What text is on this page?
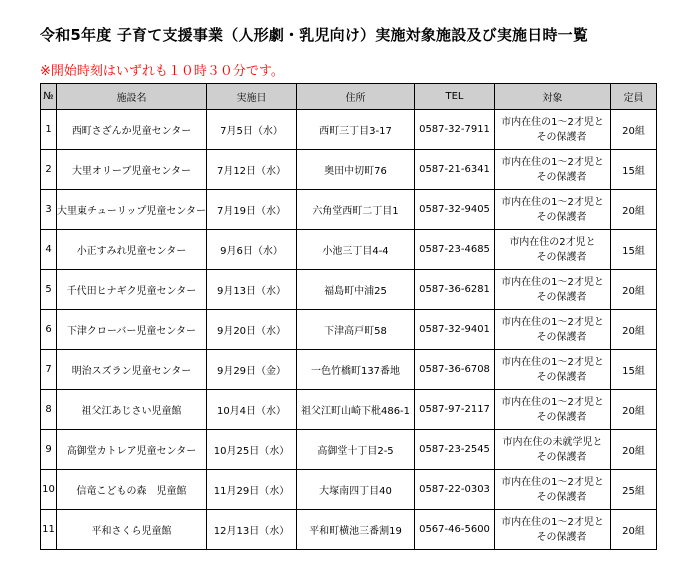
令和5年度 子育て支援事業（人形劇・乳児向け）実施対象施設及び実施日時一覧
※開始時刻はいずれも１０時３０分です。
№	施設名	実施日	住所	TEL	対象	定員
1	西町さざんか児童センター	7月5日（水）	西町三丁目3-17	0587-32-7911	市内在住の1～2才児と
その保護者	20組
2	大里オリーブ児童センター	7月12日（水）	奥田中切町76	0587-21-6341	市内在住の1～2才児と
その保護者	15組
3	大里東チューリップ児童センター	7月19日（水）	六角堂西町二丁目1	0587-32-9405	市内在住の1～2才児と
その保護者	20組
4	小正すみれ児童センター	9月6日（水）	小池三丁目4-4	0587-23-4685	市内在住の2才児と
その保護者	15組
5	千代田ヒナギク児童センター	9月13日（水）	福島町中浦25	0587-36-6281	市内在住の1～2才児と
その保護者	20組
6	下津クローバー児童センター	9月20日（水）	下津高戸町58	0587-32-9401	市内在住の1～2才児と
その保護者	20組
7	明治スズラン児童センター	9月29日（金）	一色竹橋町137番地	0587-36-6708	市内在住の1～2才児と
その保護者	15組
8	祖父江あじさい児童館	10月4日（水）	祖父江町山崎下枇486-1	0587-97-2117	市内在住の1～2才児と
その保護者	20組
9	高御堂カトレア児童センター	10月25日（水）	高御堂十丁目2-5	0587-23-2545	市内在住の未就学児と
その保護者	20組
10	信竜こどもの森　児童館	11月29日（水）	大塚南四丁目40	0587-22-0303	市内在住の1～2才児と
その保護者	25組
11	平和さくら児童館	12月13日（水）	平和町横池三番割19	0567-46-5600	市内在住の1～2才児と
その保護者	20組
